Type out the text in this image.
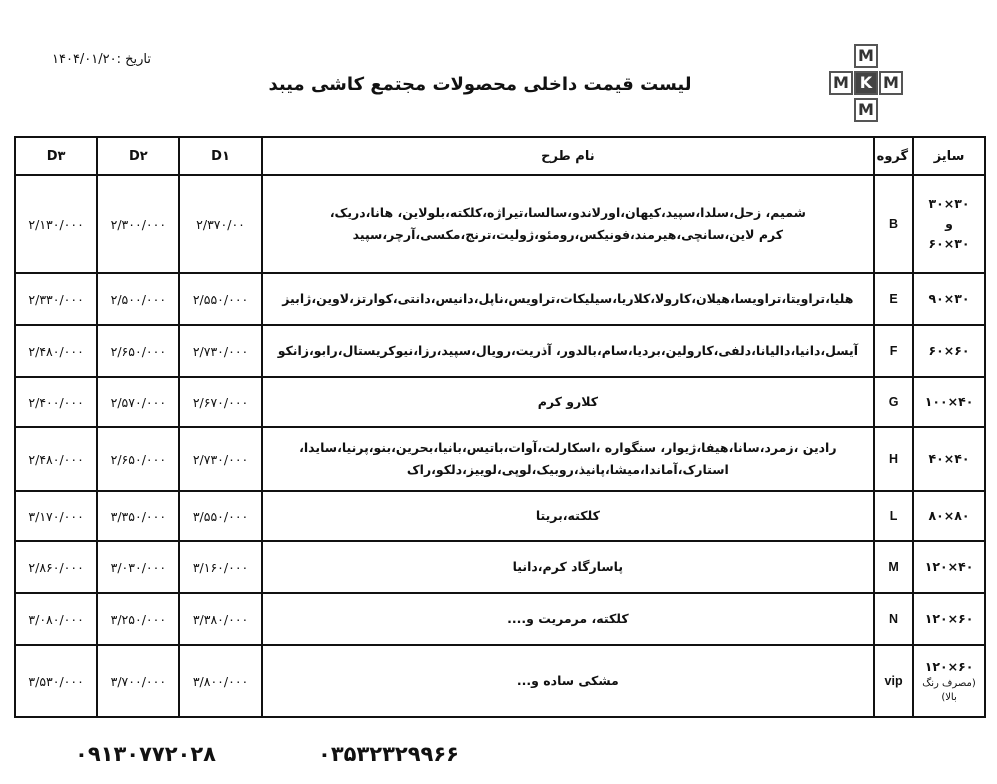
تاریخ :۱۴۰۴/۰۱/۲۰
لیست قیمت داخلی محصولات مجتمع کاشی میبد
M
M K M
M
سایز	گروه	نام طرح	D۱	D۲	D۳

۳۰×۳۰
و
۳۰×۶۰	B	شمیم، زحل،سلدا،سپید،کیهان،اورلاندو،سالسا،تیراژه،کلکته،بلولاین، هانا،دریک،
کرم لاین،سانچی،هیرمند،فونیکس،رومئو،ژولیت،ترنج،مکسی،آرچر،سپید	۲/۳۷۰/۰۰	۲/۳۰۰/۰۰۰	۲/۱۳۰/۰۰۰

۳۰×۹۰	E	هلیا،تراویتا،تراویسا،هیلان،کارولا،کلاریا،سیلیکات،تراویس،ناپل،دانیس،دانتی،کوارتز،لاوین،ژابیز	۲/۵۵۰/۰۰۰	۲/۵۰۰/۰۰۰	۲/۳۳۰/۰۰۰

۶۰×۶۰	F	آیسل،دانیا،دالیانا،دلفی،کارولین،بردیا،سام،بالدور، آذریت،رویال،سپید،رزا،نیوکریستال،رابو،زانکو	۲/۷۳۰/۰۰۰	۲/۶۵۰/۰۰۰	۲/۴۸۰/۰۰۰

۴۰×۱۰۰	G	کلارو کرم	۲/۶۷۰/۰۰۰	۲/۵۷۰/۰۰۰	۲/۴۰۰/۰۰۰

۴۰×۴۰	H	رادین ،زمرد،سانا،هیفا،ژیوار، سنگواره ،اسکارلت،آوات،باتیس،بانیا،بحرین،بنو،پرنیا،سایدا،
استارک،آماندا،میشا،پانیذ،روبیک،لوپی،لوییز،دلکو،راک	۲/۷۳۰/۰۰۰	۲/۶۵۰/۰۰۰	۲/۴۸۰/۰۰۰

۸۰×۸۰	L	کلکته،بریتا	۳/۵۵۰/۰۰۰	۳/۳۵۰/۰۰۰	۳/۱۷۰/۰۰۰

۴۰×۱۲۰	M	پاسارگاد کرم،دانیا	۳/۱۶۰/۰۰۰	۳/۰۳۰/۰۰۰	۲/۸۶۰/۰۰۰

۶۰×۱۲۰	N	کلکته، مرمریت و....	۳/۳۸۰/۰۰۰	۳/۲۵۰/۰۰۰	۳/۰۸۰/۰۰۰

۶۰×۱۲۰
(مصرف رنگ بالا)	vip	مشکی ساده و...	۳/۸۰۰/۰۰۰	۳/۷۰۰/۰۰۰	۳/۵۳۰/۰۰۰
۰۳۵۳۲۳۲۹۹۶۶
۰۹۱۳۰۷۷۲۰۲۸
